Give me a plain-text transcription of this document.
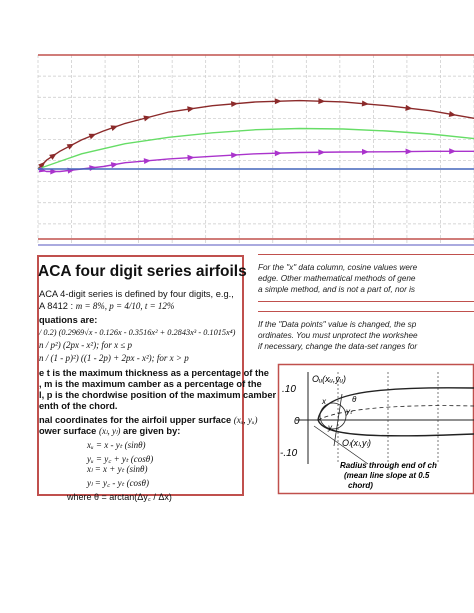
ACA four digit series airfoils
ACA 4-digit series is defined by four digits, e.g.,
A 8412 : m = 8%, p = 4/10, t = 12%
quations are:
/ 0.2) (0.2969√x - 0.126x - 0.3516x² + 0.2843x³ - 0.1015x⁴)
n / p²) (2px - x²); for x ≤ p
n / (1 - p)²) ((1 - 2p) + 2px - x²); for x > p
e t is the maximum thickness as a percentage of the
, m is the maximum camber as a percentage of the
l, p is the chordwise position of the maximum camber
enth of the chord.
nal coordinates for the airfoil upper surface (xᵤ, yᵤ)
ower surface (xₗ, yₗ) are given by:
xᵤ = x - yₜ (sinθ)
yᵤ = y꜀ + yₜ (cosθ)
xₗ = x + yₜ (sinθ)
yₗ = y꜀ - yₜ (cosθ)
where θ = arctan(Δy꜀ / Δx)
For the "x" data column, cosine values were
edge. Other mathematical methods of gene
a simple method, and is not a part of, nor is
If the "Data points" value is changed, the sp
ordinates. You must unprotect the workshee
if necessary, change the data-set ranges for
.10
0
-.10
Oᵤ(xᵤ,yᵤ)
Oₗ(xₗ,yₗ)
yₜ
y꜀
x	θ
Radius through end of ch
(mean line slope at 0.5
chord)
